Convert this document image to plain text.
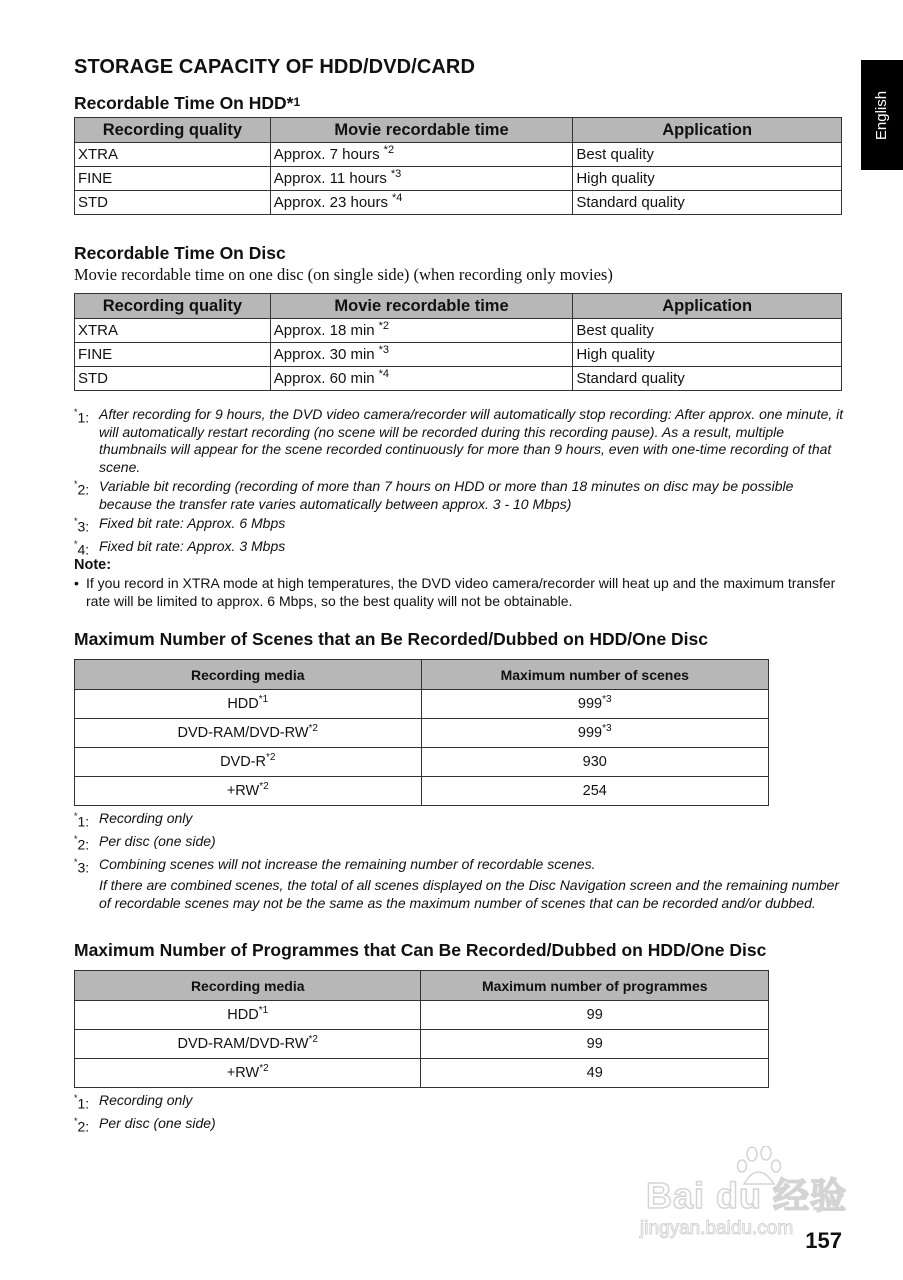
English
STORAGE CAPACITY OF HDD/DVD/CARD
Recordable Time On HDD*$^1$
Recording quality	Movie recordable time	Application
XTRA	Approx. 7 hours $^{*2}$	Best quality
FINE	Approx. 11 hours $^{*3}$	High quality
STD	Approx. 23 hours $^{*4}$	Standard quality
Recordable Time On Disc
Movie recordable time on one disc (on single side) (when recording only movies)
Recording quality	Movie recordable time	Application
XTRA	Approx. 18 min $^{*2}$	Best quality
FINE	Approx. 30 min $^{*3}$	High quality
STD	Approx. 60 min $^{*4}$	Standard quality
*1: After recording for 9 hours, the DVD video camera/recorder will automatically stop recording: After approx. one minute, it will automatically restart recording (no scene will be recorded during this recording pause). As a result, multiple thumbnails will appear for the scene recorded continuously for more than 9 hours, even with one-time recording of that scene.
*2: Variable bit recording (recording of more than 7 hours on HDD or more than 18 minutes on disc may be possible because the transfer rate varies automatically between approx. 3 - 10 Mbps)
*3: Fixed bit rate: Approx. 6 Mbps
*4: Fixed bit rate: Approx. 3 Mbps
Note:
• If you record in XTRA mode at high temperatures, the DVD video camera/recorder will heat up and the maximum transfer rate will be limited to approx. 6 Mbps, so the best quality will not be obtainable.
Maximum Number of Scenes that an Be Recorded/Dubbed on HDD/One Disc
Recording media	Maximum number of scenes
HDD$^{*1}$	999$^{*3}$
DVD-RAM/DVD-RW$^{*2}$	999$^{*3}$
DVD-$R^{*2}$	930
$+RW^{*2}$	254
*1: Recording only
*2: Per disc (one side)
*3: Combining scenes will not increase the remaining number of recordable scenes.
If there are combined scenes, the total of all scenes displayed on the Disc Navigation screen and the remaining number of recordable scenes may not be the same as the maximum number of scenes that can be recorded and/or dubbed.
Maximum Number of Programmes that Can Be Recorded/Dubbed on HDD/One Disc
Recording media	Maximum number of programmes
HDD$^{*1}$	99
DVD-RAM/DVD-RW$^{*2}$	99
$+RW^{*2}$	49
*1: Recording only
*2: Per disc (one side)
Bai du 经验
jingyan.baidu.com 157
